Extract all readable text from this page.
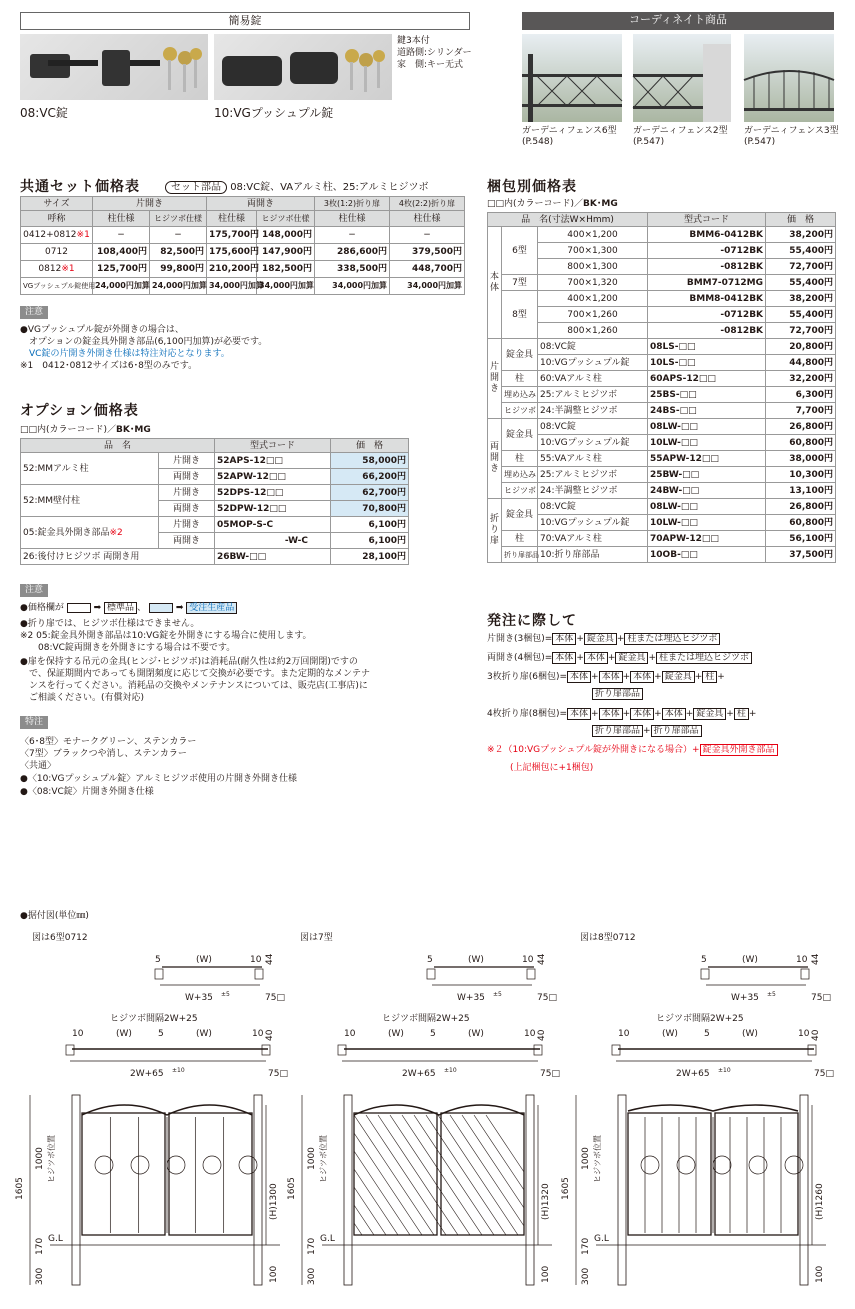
簡易錠
鍵3本付
道路側:シリンダー
家　側:キー无式
08:VC錠	10:VGプッシュプル錠
コーディネイト商品
ガーデニィフェンス6型
(P.548)
ガーデニィフェンス2型
(P.547)
ガーデニィフェンス3型
(P.547)
共通セット価格表	セット部品 08:VC錠、VAアルミ柱、25:アルミヒジツボ
サイズ	片開き		両開き		3枚(1:2)折り扉	4枚(2:2)折り扉
呼称	柱仕様	ヒジツボ仕様	柱仕様	ヒジツボ仕様	柱仕様	柱仕様
0412+0812※1	−	−	175,700円	148,000円	−	−
0712	108,400円	82,500円	175,600円	147,900円	286,600円	379,500円
0812※1	125,700円	99,800円	210,200円	182,500円	338,500円	448,700円
VGプッシュプル錠使用	24,000円加算	24,000円加算	34,000円加算	34,000円加算	34,000円加算	34,000円加算
注意
●VGプッシュプル錠が外開きの場合は、
　オプションの錠金具外開き部品(6,100円加算)が必要です。
　VC錠の片開き外開き仕様は特注対応となります。
※1　0412･0812サイズは6･8型のみです。
オプション価格表
□□内(カラーコード)／BK･MG
品　名		型式コード	価　格
52:MMアルミ柱	片開き	52APS-12□□	58,000円
	両開き	52APW-12□□	66,200円
52:MM壁付柱	片開き	52DPS-12□□	62,700円
	両開き	52DPW-12□□	70,800円
05:錠金具外開き部品※2	片開き	05MOP-S-C	6,100円
	両開き	-W-C	6,100円
26:後付けヒジツボ 両開き用		26BW-□□	28,100円
注意
●価格欄が	➡ 標準品 、	➡ 受注生産品
●折り扉では、ヒジツボ仕様はできません。
※2 05:錠金具外開き部品は10:VG錠を外開きにする場合に使用します。
　　08:VC錠両開きを外開きにする場合は不要です。
●扉を保持する吊元の金具(ヒンジ･ヒジツボ)は消耗品(耐久性は約2万回開閉)ですの
　で、保証期間内であっても開閉頻度に応じて交換が必要です。また定期的なメンテナ
　ンスを行ってください。消耗品の交換やメンテナンスについては、販売店(工事店)に
　ご相談ください。(有償対応)
特注
〈6･8型〉モナークグリーン、ステンカラー
〈7型〉ブラックつや消し、ステンカラー
〈共通〉
●〈10:VGプッシュプル錠〉アルミヒジツボ使用の片開き外開き仕様
●〈08:VC錠〉片開き外開き仕様
梱包別価格表
□□内(カラーコード)／BK･MG
品　名(寸法W×Hmm)			型式コード	価　格
本体	6型	400×1,200	BMM6-0412BK	38,200円
		700×1,300	-0712BK	55,400円
		800×1,300	-0812BK	72,700円
	7型	700×1,320	BMM7-0712MG	55,400円
	8型	400×1,200	BMM8-0412BK	38,200円
		700×1,260	-0712BK	55,400円
		800×1,260	-0812BK	72,700円
片開き	錠金具	08:VC錠	08LS-□□	20,800円
		10:VGプッシュプル錠	10LS-□□	44,800円
	柱	60:VAアルミ柱	60APS-12□□	32,200円
	埋め込み	25:アルミヒジツボ	25BS-□□	6,300円
	ヒジツボ	24:半調整ヒジツボ	24BS-□□	7,700円
両開き	錠金具	08:VC錠	08LW-□□	26,800円
		10:VGプッシュプル錠	10LW-□□	60,800円
	柱	55:VAアルミ柱	55APW-12□□	38,000円
	埋め込み	25:アルミヒジツボ	25BW-□□	10,300円
	ヒジツボ	24:半調整ヒジツボ	24BW-□□	13,100円
折り扉	錠金具	08:VC錠	08LW-□□	26,800円
		10:VGプッシュプル錠	10LW-□□	60,800円
	柱	70:VAアルミ柱	70APW-12□□	56,100円
	折り扉部品	10:折り扉部品	10OB-□□	37,500円
発注に際して
片開き(3梱包)= 本体 + 錠金具 + 柱または埋込ヒジツボ
両開き(4梱包)= 本体 + 本体 + 錠金具 + 柱または埋込ヒジツボ
3枚折り扉(6梱包)= 本体 + 本体 + 本体 + 錠金具 + 柱 +
折り扉部品
4枚折り扉(8梱包)= 本体 + 本体 + 本体 + 本体 + 錠金具 + 柱 +
折り扉部品 + 折り扉部品
※２（10:VGプッシュプル錠が外開きになる場合）+ 錠金具外開き部品
(上記梱包に+1梱包)
●据付図(単位㎜)
図は6型0712	図は7型	図は8型0712
5	(W)	10 44
W+35 ±5	75□
ヒジツボ間隔2W+25
10	(W)	5	(W)	10 40
2W+65 ±10	75□
1605
1000 ヒジツボ位置
300
170 G.L
(H)1300
100
5	(W)	10 44
W+35 ±5	75□
ヒジツボ間隔2W+25
10	(W)	5	(W)	10 40
2W+65 ±10	75□
1605
1000 ヒジツボ位置
300
170 G.L
(H)1320
100
5	(W)	10 44
W+35 ±5	75□
ヒジツボ間隔2W+25
10	(W)	5	(W)	10 40
2W+65 ±10	75□
1605
1000 ヒジツボ位置
300
170 G.L
(H)1260
100
